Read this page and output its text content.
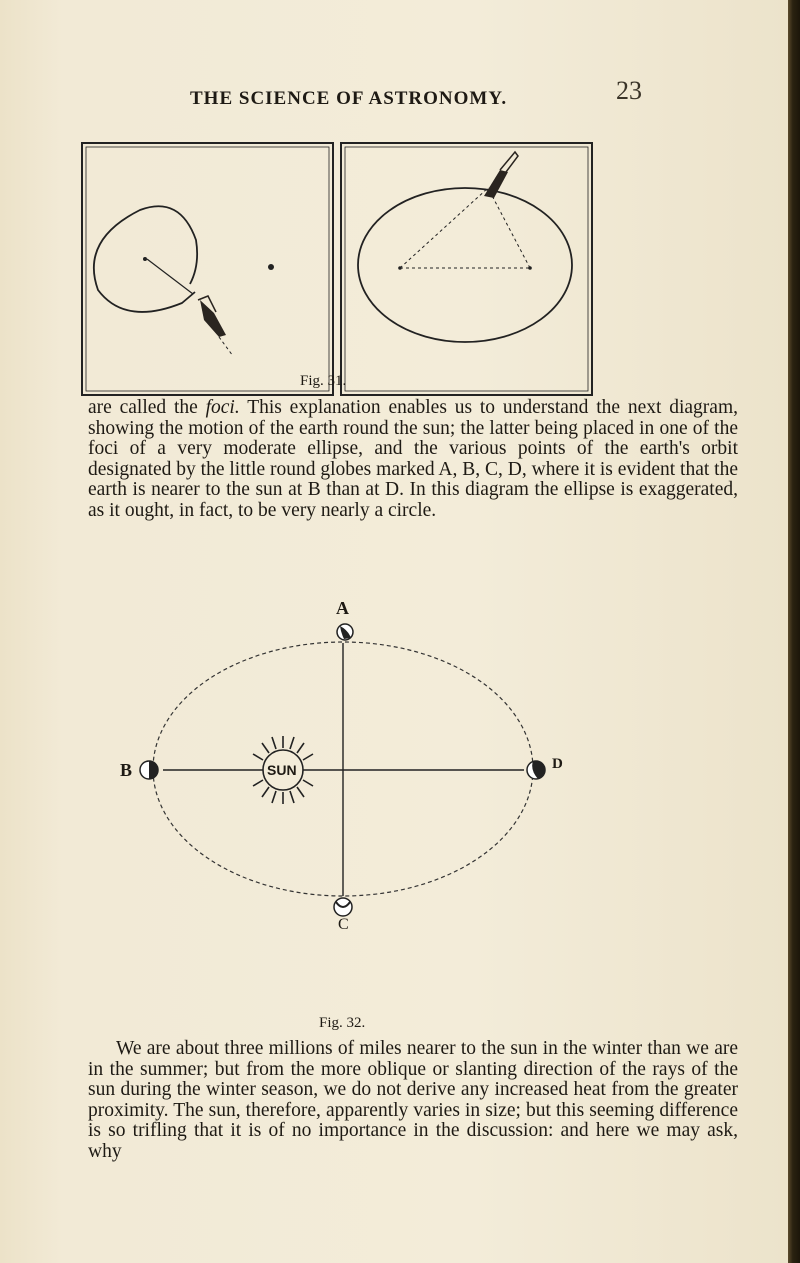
THE SCIENCE OF ASTRONOMY.	23
Fig. 31.
are called the foci. This explanation enables us to understand the next diagram, showing the motion of the earth round the sun; the latter being placed in one of the foci of a very moderate ellipse, and the various points of the earth's orbit designated by the little round globes marked A, B, C, D, where it is evident that the earth is nearer to the sun at B than at D. In this diagram the ellipse is exaggerated, as it ought, in fact, to be very nearly a circle.
A
B
C
D
SUN
Fig. 32.
We are about three millions of miles nearer to the sun in the winter than we are in the summer; but from the more oblique or slanting direction of the rays of the sun during the winter season, we do not derive any increased heat from the greater proximity. The sun, therefore, apparently varies in size; but this seeming difference is so trifling that it is of no importance in the discussion: and here we may ask, why
